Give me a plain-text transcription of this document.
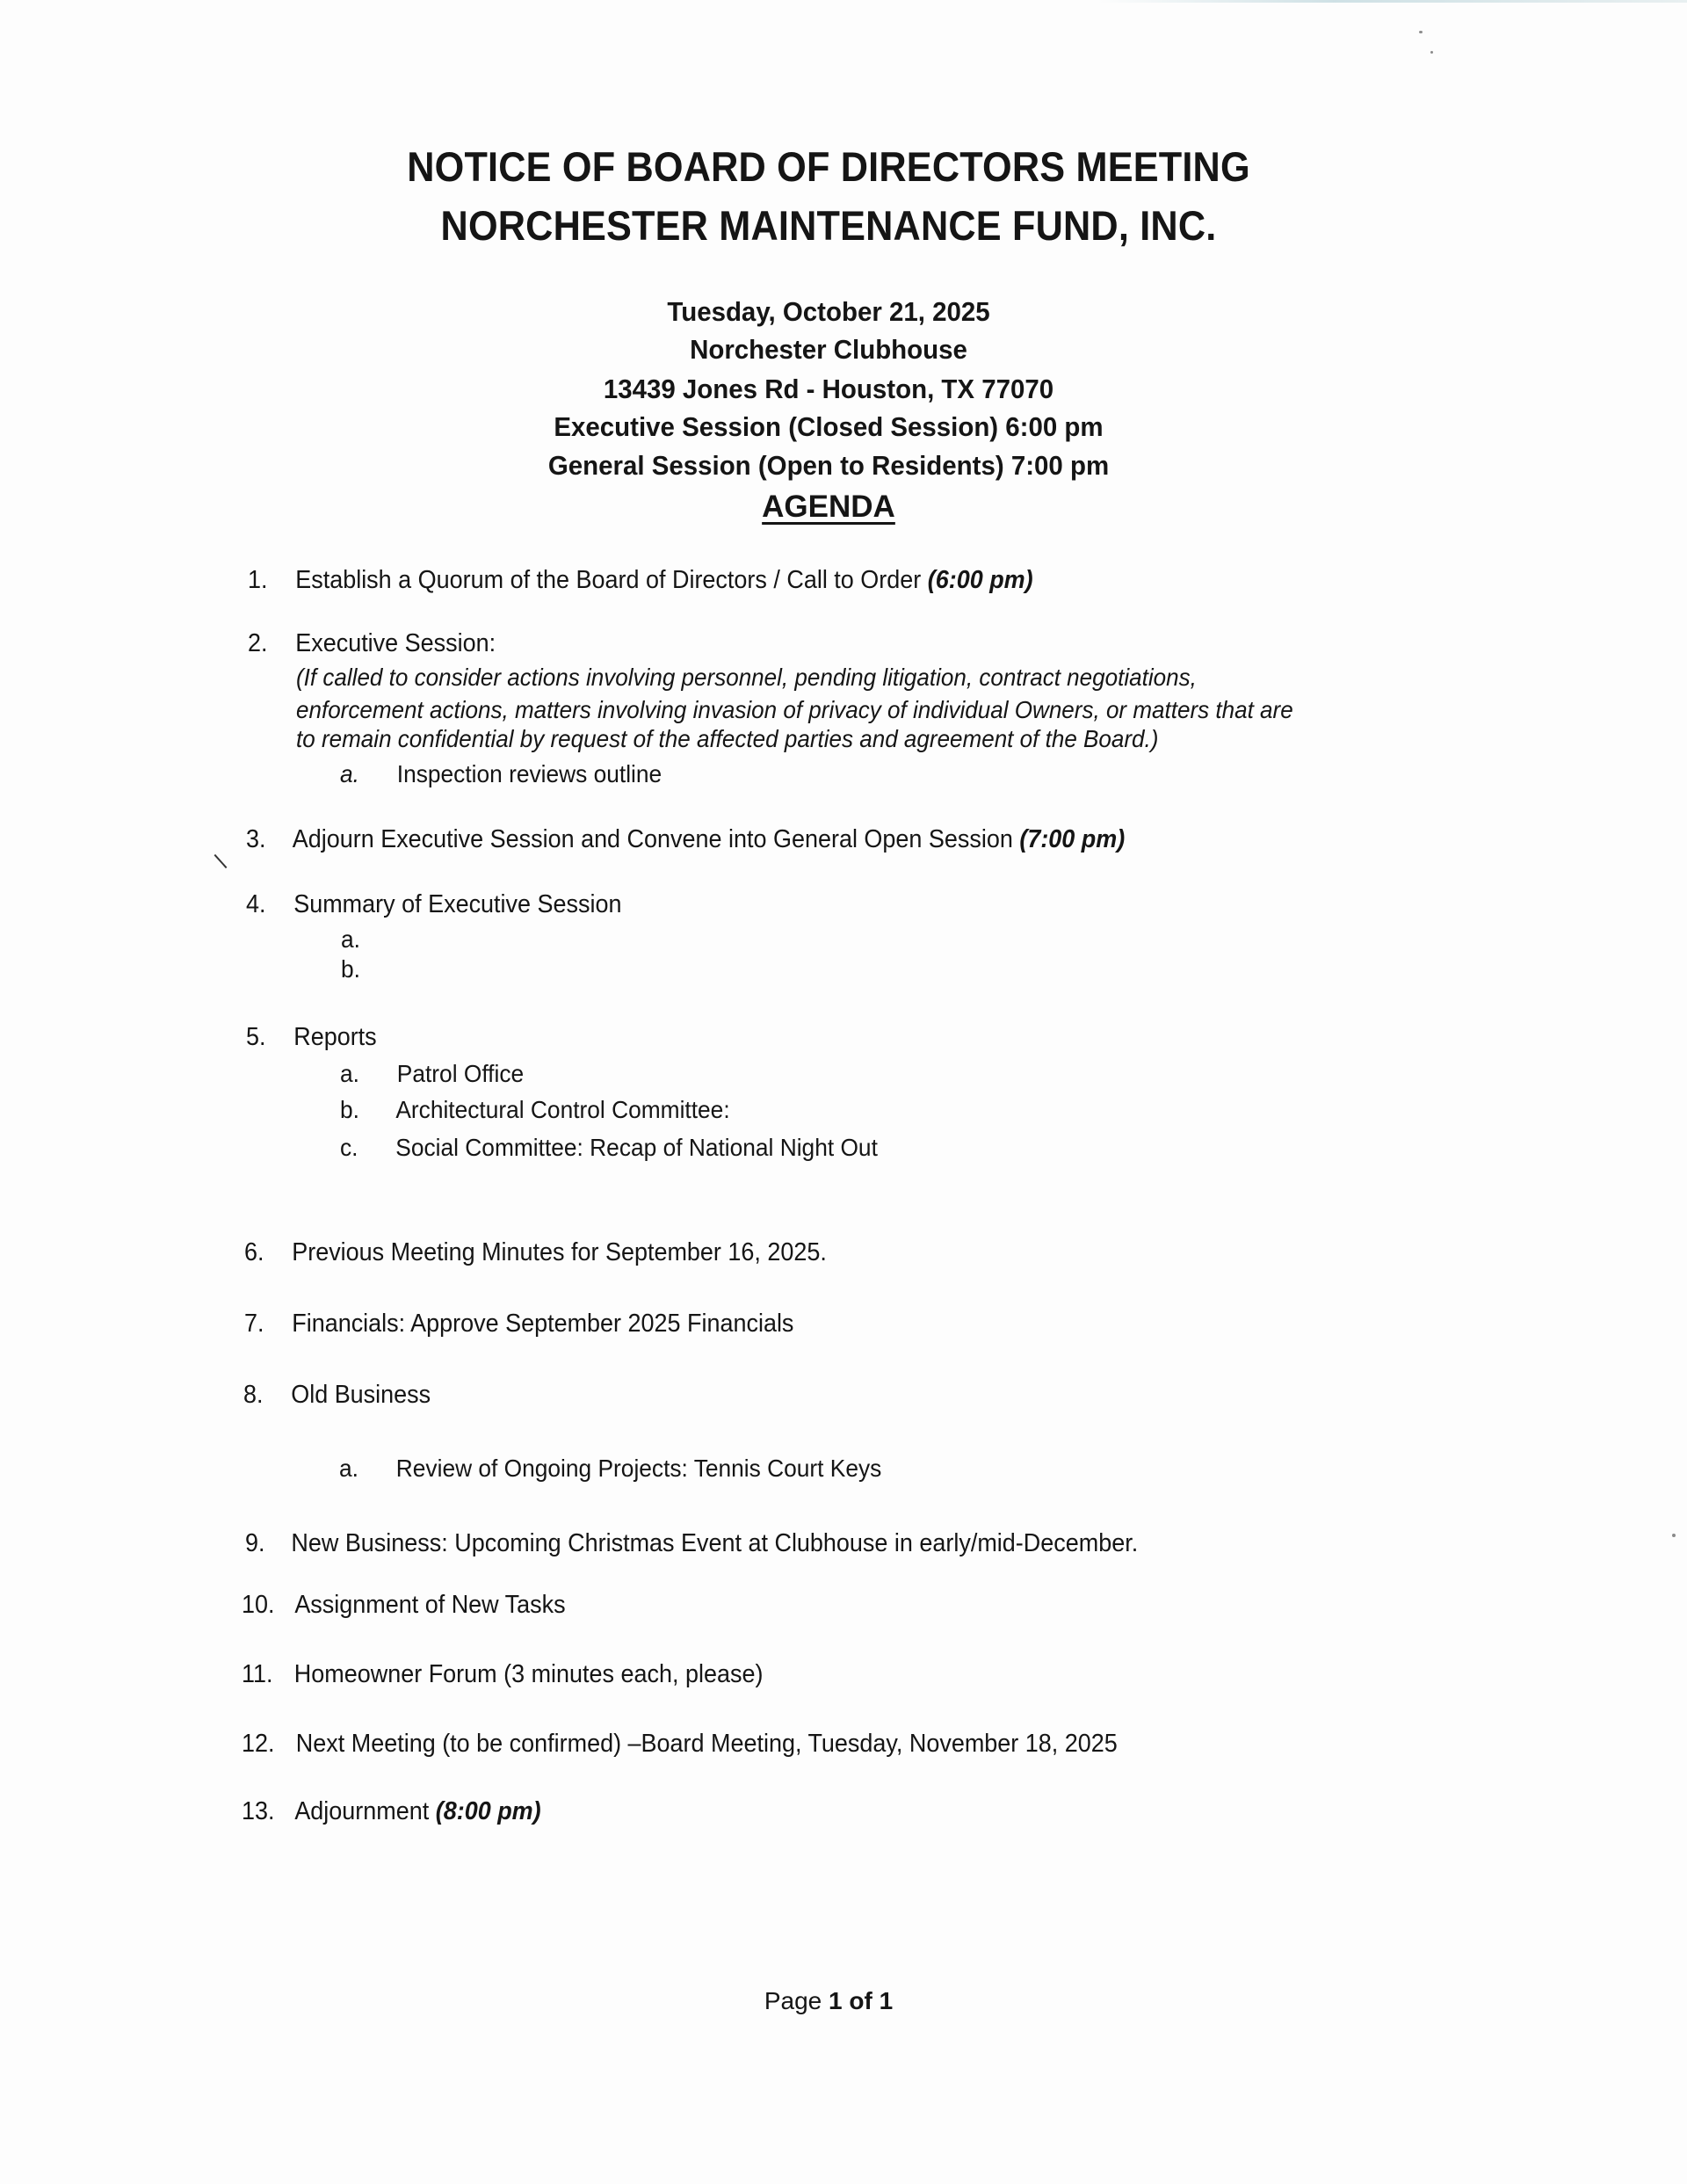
NOTICE OF BOARD OF DIRECTORS MEETING
NORCHESTER MAINTENANCE FUND, INC.
Tuesday, October 21, 2025
Norchester Clubhouse
13439 Jones Rd - Houston, TX 77070
Executive Session (Closed Session) 6:00 pm
General Session (Open to Residents) 7:00 pm
AGENDA
1. Establish a Quorum of the Board of Directors / Call to Order (6:00 pm)
2. Executive Session:
(If called to consider actions involving personnel, pending litigation, contract negotiations,
enforcement actions, matters involving invasion of privacy of individual Owners, or matters that are
to remain confidential by request of the affected parties and agreement of the Board.)
a. Inspection reviews outline
3. Adjourn Executive Session and Convene into General Open Session (7:00 pm)
4. Summary of Executive Session
a.
b.
5. Reports
a. Patrol Office
b. Architectural Control Committee:
c. Social Committee: Recap of National Night Out
6. Previous Meeting Minutes for September 16, 2025.
7. Financials: Approve September 2025 Financials
8. Old Business
a. Review of Ongoing Projects: Tennis Court Keys
9. New Business: Upcoming Christmas Event at Clubhouse in early/mid-December.
10. Assignment of New Tasks
11. Homeowner Forum (3 minutes each, please)
12. Next Meeting (to be confirmed) –Board Meeting, Tuesday, November 18, 2025
13. Adjournment (8:00 pm)
Page 1 of 1
